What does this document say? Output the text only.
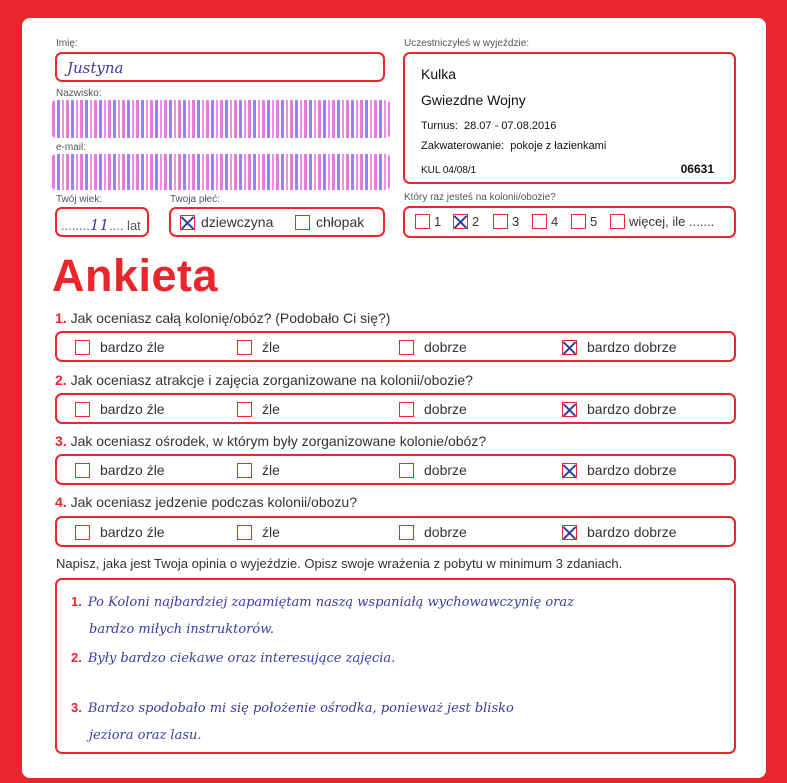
Imię:
Justyna
Nazwisko:
e-mail:
Twój wiek:
........11.... lat
Twoja płeć:
dziewczyna	chłopak
Uczestniczyłeś w wyjeździe:
Kulka
Gwiezdne Wojny
Turnus: 28.07 - 07.08.2016
Zakwaterowanie: pokoje z łazienkami
KUL 04/08/1	06631
Który raz jesteś na kolonii/obozie?
1 2	3 4 5 więcej, ile .......
Ankieta
1. Jak oceniasz całą kolonię/obóz? (Podobało Ci się?)
bardzo źle	źle	dobrze	bardzo dobrze
2. Jak oceniasz atrakcje i zajęcia zorganizowane na kolonii/obozie?
bardzo źle	źle	dobrze	bardzo dobrze
3. Jak oceniasz ośrodek, w którym były zorganizowane kolonie/obóz?
bardzo źle	źle	dobrze	bardzo dobrze
4. Jak oceniasz jedzenie podczas kolonii/obozu?
bardzo źle	źle	dobrze	bardzo dobrze
Napisz, jaka jest Twoja opinia o wyjeździe. Opisz swoje wrażenia z pobytu w minimum 3 zdaniach.
1. Po Koloni najbardziej zapamiętam naszą wspaniałą wychowawczynię oraz
bardzo miłych instruktorów.
2. Były bardzo ciekawe oraz interesujące zajęcia.
3. Bardzo spodobało mi się położenie ośrodka, ponieważ jest blisko
jeziora oraz lasu.
